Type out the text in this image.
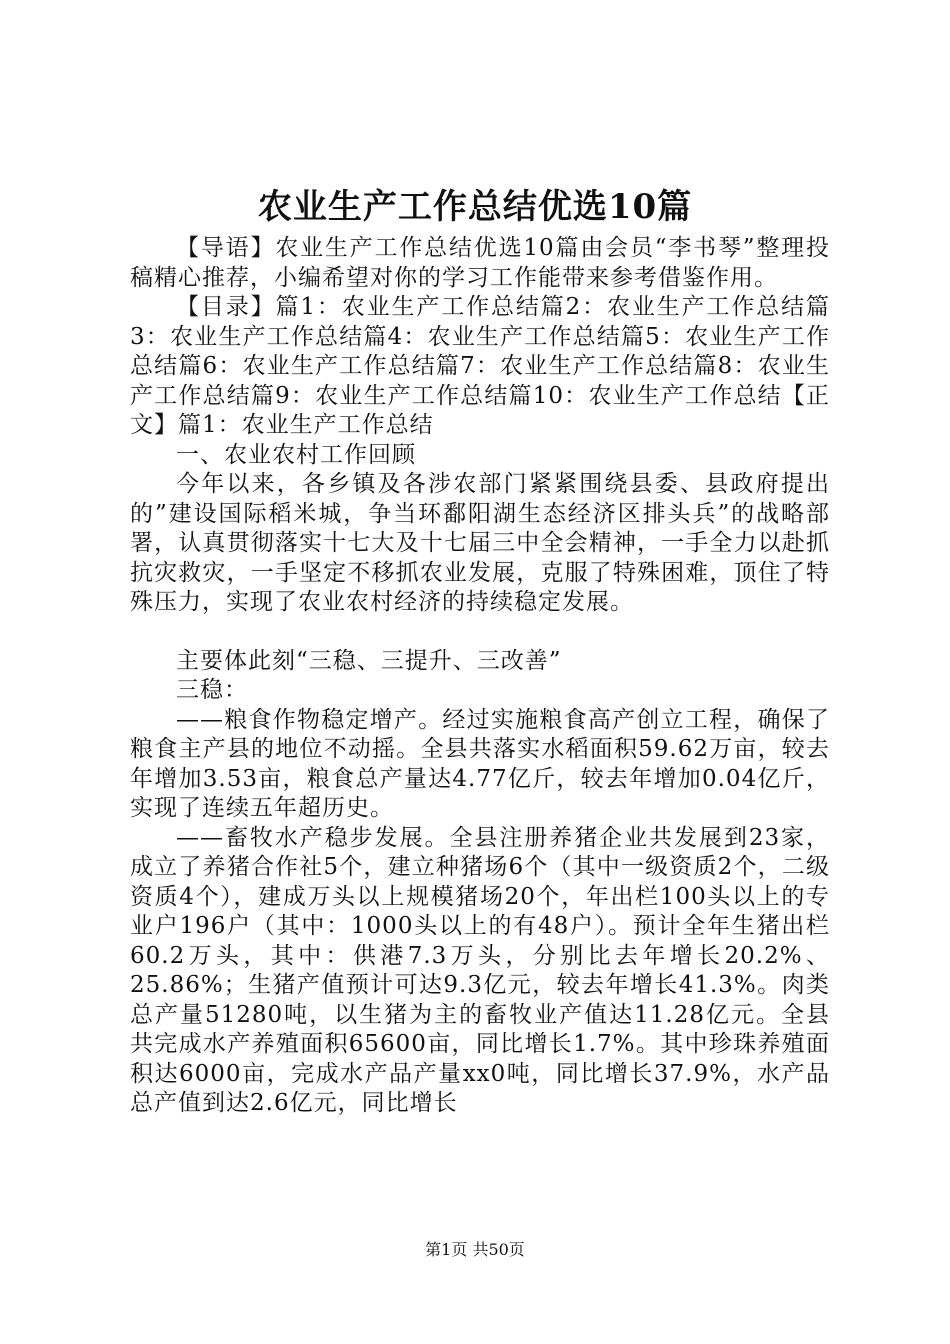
农业生产工作总结优选10篇

【导语】农业生产工作总结优选10篇由会员“李书琴”整理投稿精心推荐，小编希望对你的学习工作能带来参考借鉴作用。

【目录】篇1：农业生产工作总结篇2：农业生产工作总结篇3：农业生产工作总结篇4：农业生产工作总结篇5：农业生产工作总结篇6：农业生产工作总结篇7：农业生产工作总结篇8：农业生产工作总结篇9：农业生产工作总结篇10：农业生产工作总结【正文】篇1：农业生产工作总结

一、农业农村工作回顾

今年以来，各乡镇及各涉农部门紧紧围绕县委、县政府提出的”建设国际稻米城，争当环鄱阳湖生态经济区排头兵”的战略部署，认真贯彻落实十七大及十七届三中全会精神，一手全力以赴抓抗灾救灾，一手坚定不移抓农业发展，克服了特殊困难，顶住了特殊压力，实现了农业农村经济的持续稳定发展。

主要体此刻“三稳、三提升、三改善”

三稳：

——粮食作物稳定增产。经过实施粮食高产创立工程，确保了粮食主产县的地位不动摇。全县共落实水稻面积59.62万亩，较去年增加3.53亩，粮食总产量达4.77亿斤，较去年增加0.04亿斤，实现了连续五年超历史。

——畜牧水产稳步发展。全县注册养猪企业共发展到23家，成立了养猪合作社5个，建立种猪场6个（其中一级资质2个，二级资质4个），建成万头以上规模猪场20个，年出栏100头以上的专业户196户（其中：1000头以上的有48户）。预计全年生猪出栏60.2万头，其中：供港7.3万头，分别比去年增长20.2%、25.86%；生猪产值预计可达9.3亿元，较去年增长41.3%。肉类总产量51280吨，以生猪为主的畜牧业产值达11.28亿元。全县共完成水产养殖面积65600亩，同比增长1.7%。其中珍珠养殖面积达6000亩，完成水产品产量xx0吨，同比增长37.9%，水产品总产值到达2.6亿元，同比增长

第1页 共50页
